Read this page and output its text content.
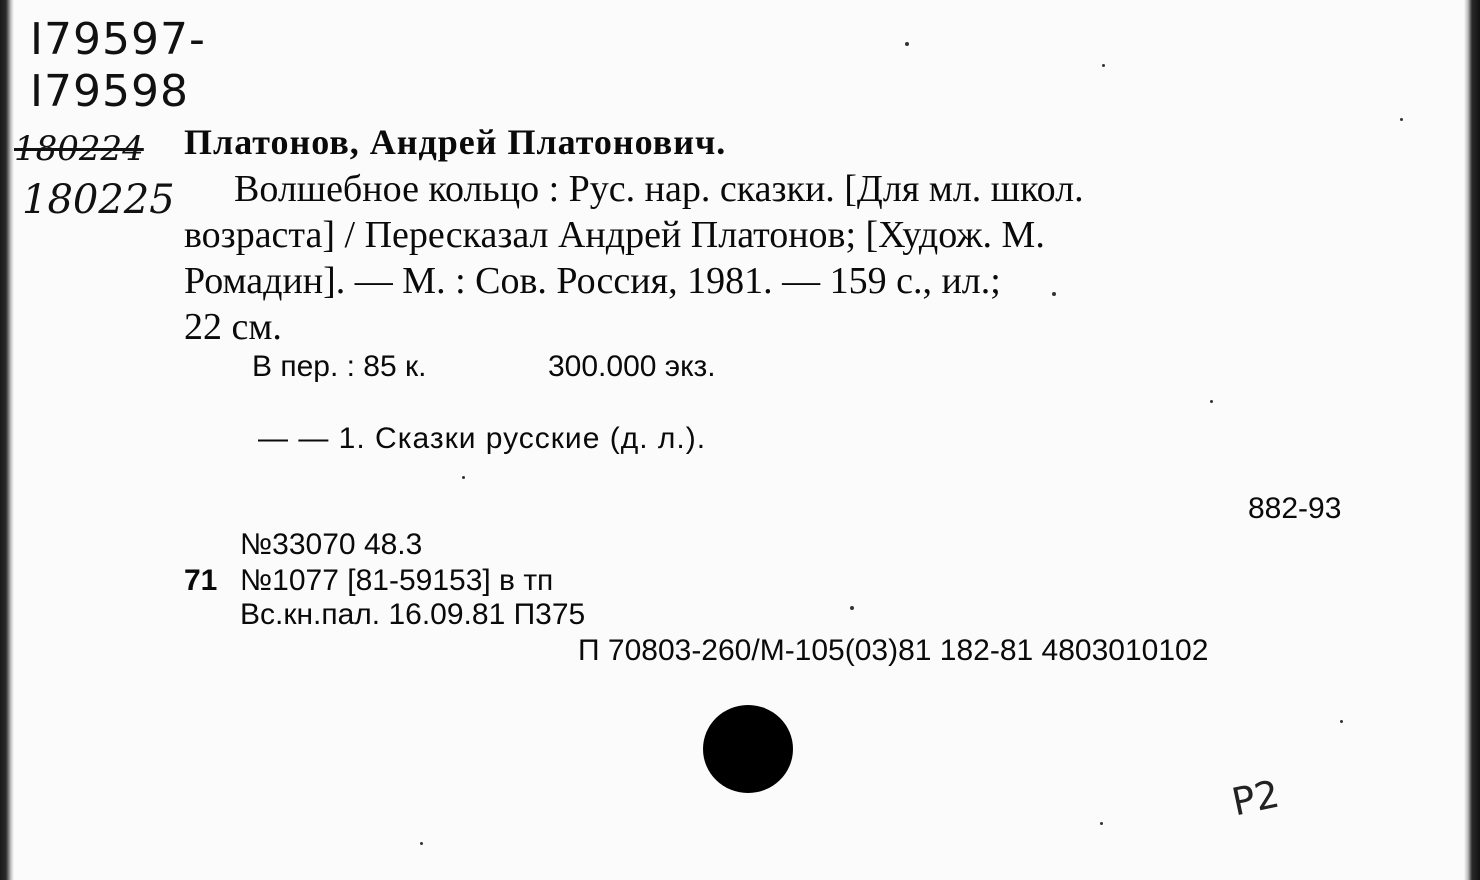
I79597-
I79598
180224
180225
Платонов, Андрей Платонович.
Волшебное кольцо : Рус. нар. сказки. [Для мл. школ.
возраста] / Пересказал Андрей Платонов; [Худож. М.
Ромадин]. — М. : Сов. Россия, 1981. — 159 с., ил.;
22 см.
В пер. : 85 к.	300.000 экз.
— — 1. Сказки русские (д. л.).
882-93
№33070 48.3
71 №1077 [81-59153] в тп
Вс.кн.пал. 16.09.81 П375
П 70803-260/М-105(03)81 182-81 4803010102
Р2
